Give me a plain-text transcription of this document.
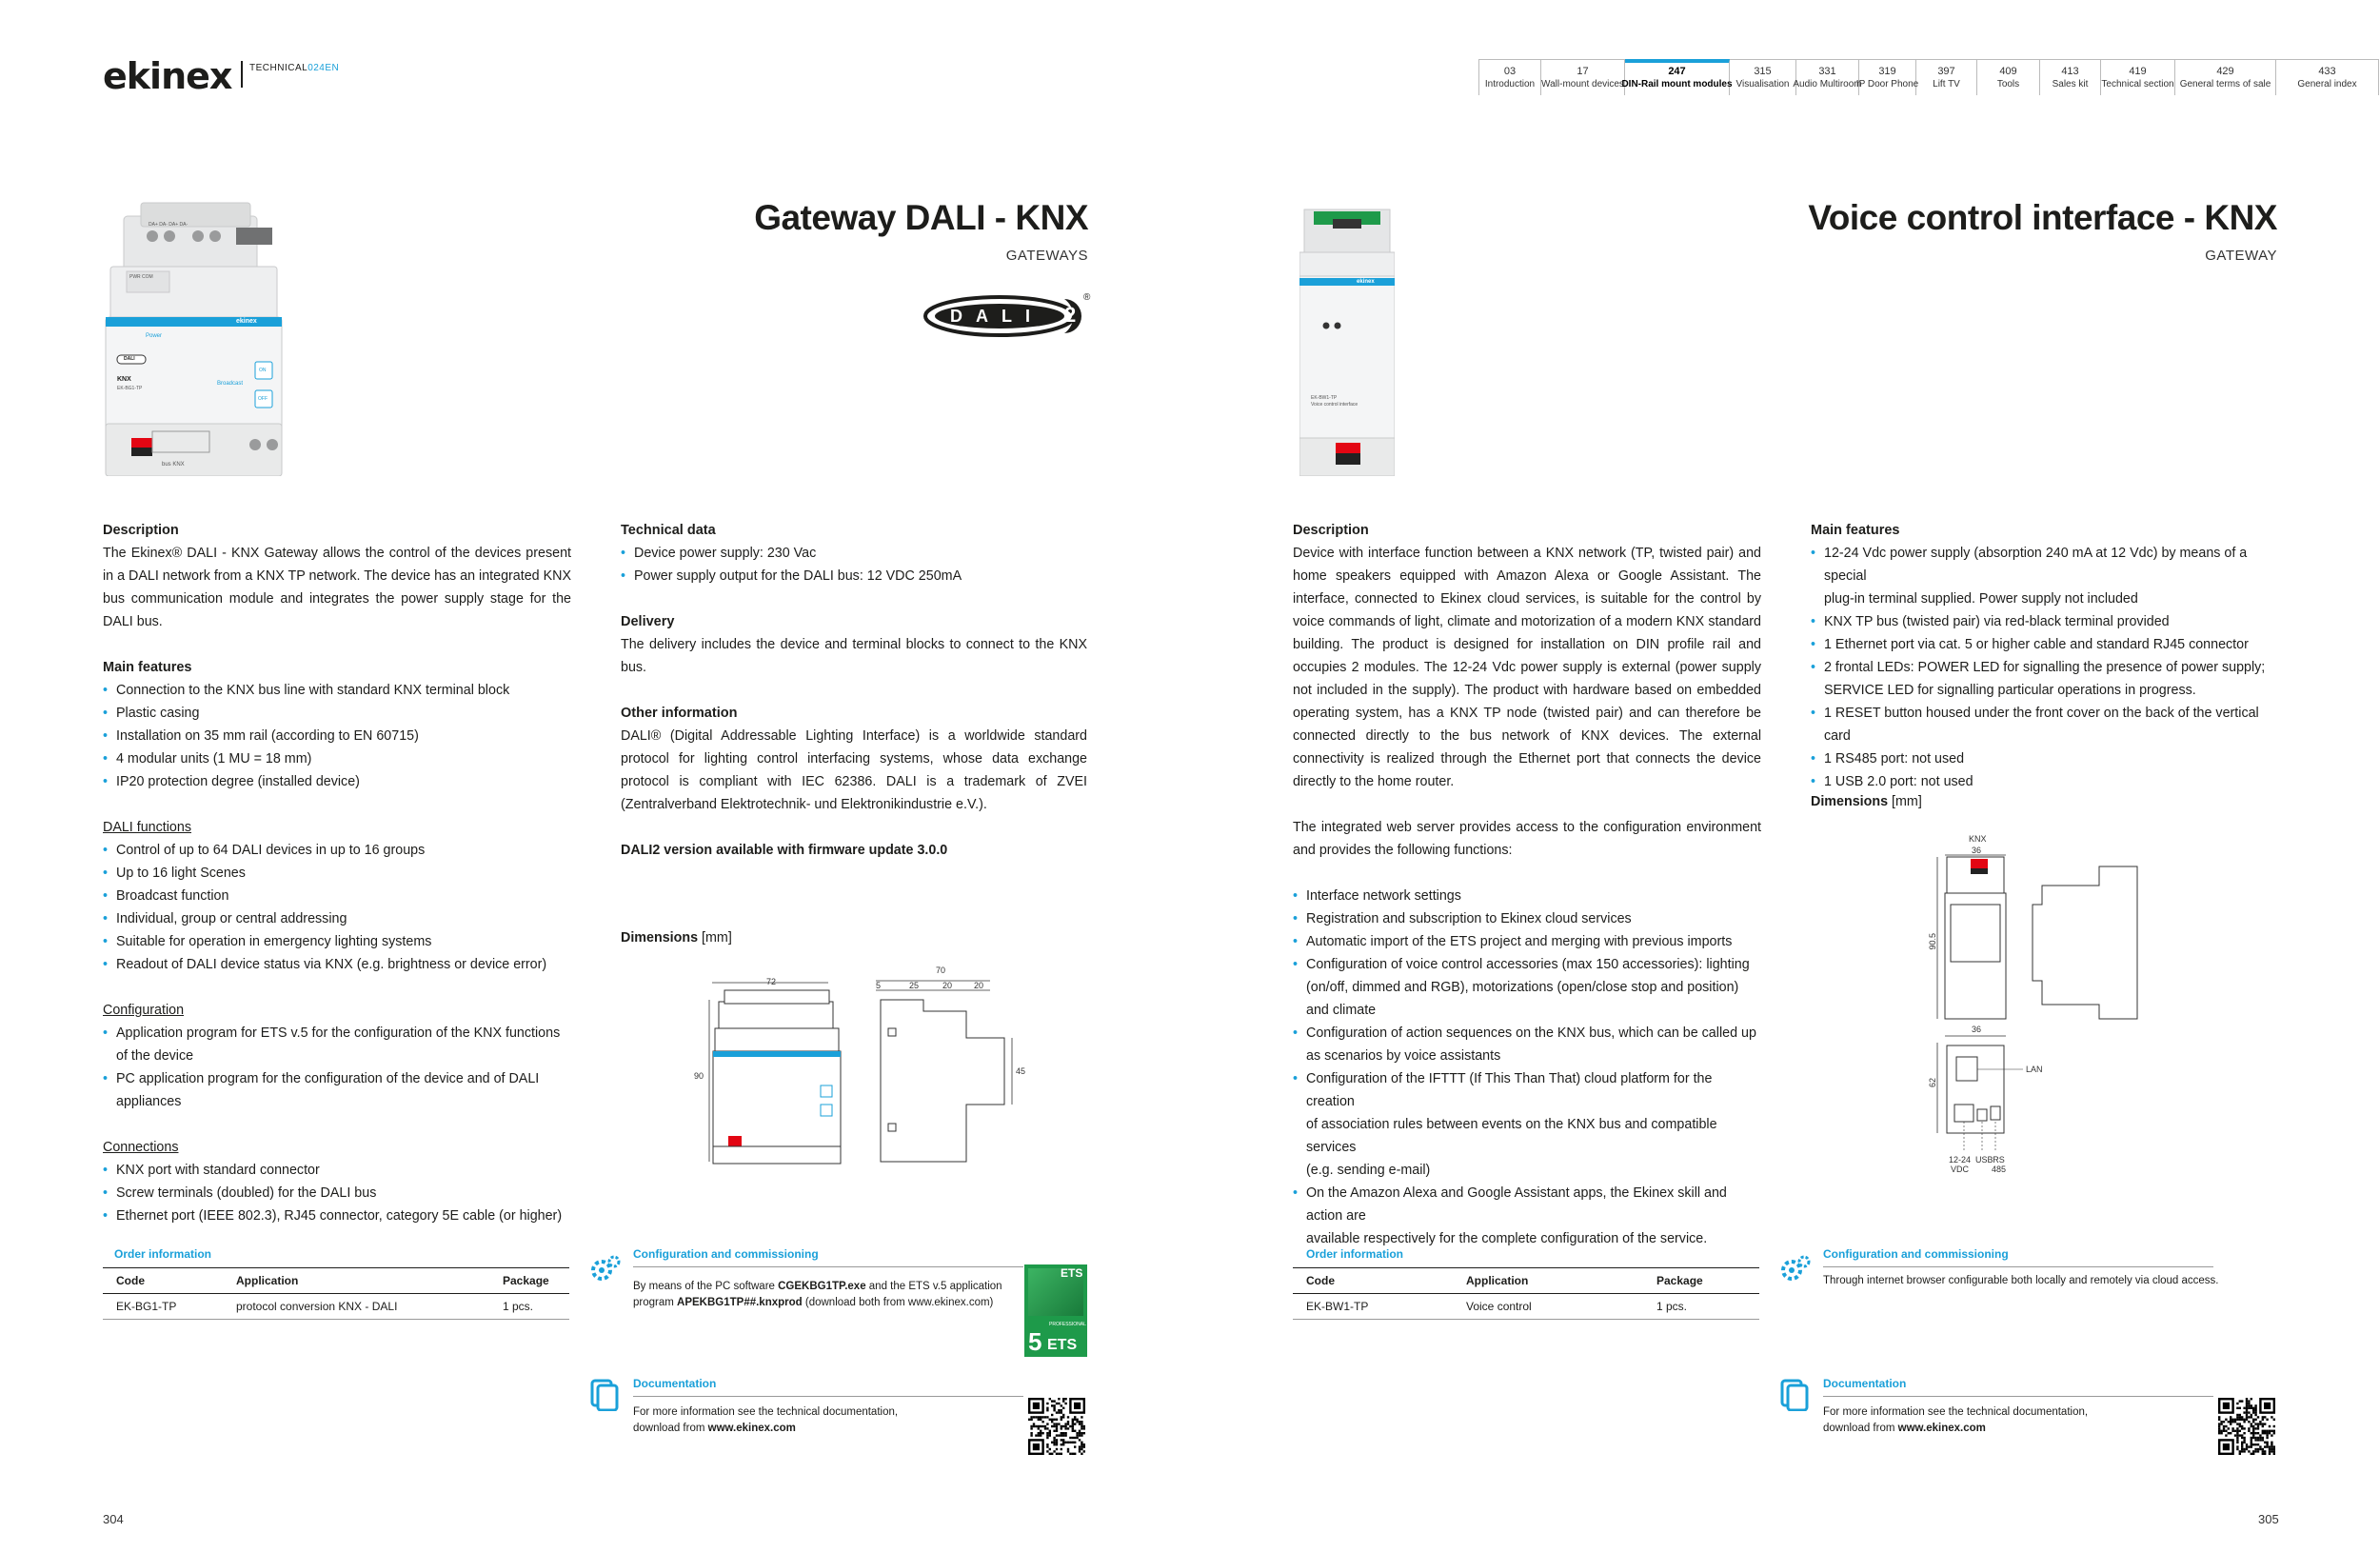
ekinex TECHNICAL024EN	03
Introduction
17
Wall-mount devices
247
DIN-Rail mount modules
315
Visualisation
331
Audio Multiroom
319
IP Door Phone
397
Lift TV
409
Tools
413
Sales kit
419
Technical section
429
General terms of sale
433
General index
Power
ekinex
DALI
KNX
EK-BG1-TP
Broadcast
ON
OFF
bus KNX
DA+ DA- DA+ DA-
PWR COM
Gateway DALI - KNX
GATEWAYS
®
DALI 2
Description

The Ekinex® DALI - KNX Gateway allows the control of the devices present in a DALI network from a KNX TP network. The device has an integrated KNX bus communication module and integrates the power supply stage for the DALI bus.

Main features
• Connection to the KNX bus line with standard KNX terminal block
• Plastic casing
• Installation on 35 mm rail (according to EN 60715)
• 4 modular units (1 MU = 18 mm)
• IP20 protection degree (installed device)
DALI functions
• Control of up to 64 DALI devices in up to 16 groups
• Up to 16 light Scenes
• Broadcast function
• Individual, group or central addressing
• Suitable for operation in emergency lighting systems
• Readout of DALI device status via KNX (e.g. brightness or device error)
Configuration
• Application program for ETS v.5 for the configuration of the KNX functions
of the device
• PC application program for the configuration of the device and of DALI appliances
Connections
• KNX port with standard connector
• Screw terminals (doubled) for the DALI bus
• Ethernet port (IEEE 802.3), RJ45 connector, category 5E cable (or higher)
Technical data
• Device power supply: 230 Vac
• Power supply output for the DALI bus: 12 VDC 250mA
Delivery

The delivery includes the device and terminal blocks to connect to the KNX bus.

Other information

DALI® (Digital Addressable Lighting Interface) is a worldwide standard protocol for lighting control interfacing systems, whose data exchange protocol is compliant with IEC 62386. DALI is a trademark of ZVEI (Zentralverband Elektrotechnik- und Elektronikindustrie e.V.).

DALI2 version available with firmware update 3.0.0
Dimensions [mm]
72
90
70
5	25	20	20
45
Order information
Code	Application	Package
EK-BG1-TP	protocol conversion KNX - DALI	1 pcs.
Configuration and commissioning
By means of the PC software CGEKBG1TP.exe and the ETS v.5 application program APEKBG1TP##.knxprod (download both from www.ekinex.com)
ETS
PROFESSIONAL
5 ETS
Documentation
For more information see the technical documentation,
download from www.ekinex.com
304
ekinex
EK-BW1-TP
Voice control interface
Voice control interface - KNX
GATEWAY
Description

Device with interface function between a KNX network (TP, twisted pair) and home speakers equipped with Amazon Alexa or Google Assistant. The interface, connected to Ekinex cloud services, is suitable for the control by voice commands of light, climate and motorization of a modern KNX standard building. The product is designed for installation on DIN profile rail and occupies 2 modules. The 12-24 Vdc power supply is external (power supply not included in the supply). The product with hardware based on embedded operating system, has a KNX TP node (twisted pair) and can therefore be connected directly to the bus network of KNX devices. The external connectivity is realized through the Ethernet port that connects the device directly to the home router.

The integrated web server provides access to the configuration environment and provides the following functions:

• Interface network settings
• Registration and subscription to Ekinex cloud services
• Automatic import of the ETS project and merging with previous imports
• Configuration of voice control accessories (max 150 accessories): lighting
(on/off, dimmed and RGB), motorizations (open/close stop and position)
and climate
• Configuration of action sequences on the KNX bus, which can be called up
as scenarios by voice assistants
• Configuration of the IFTTT (If This Than That) cloud platform for the creation
of association rules between events on the KNX bus and compatible services
(e.g. sending e-mail)
• On the Amazon Alexa and Google Assistant apps, the Ekinex skill and action are
available respectively for the complete configuration of the service.
Main features
• 12-24 Vdc power supply (absorption 240 mA at 12 Vdc) by means of a special
plug-in terminal supplied. Power supply not included
• KNX TP bus (twisted pair) via red-black terminal provided
• 1 Ethernet port via cat. 5 or higher cable and standard RJ45 connector
• 2 frontal LEDs: POWER LED for signalling the presence of power supply;
SERVICE LED for signalling particular operations in progress.
• 1 RESET button housed under the front cover on the back of the vertical card
• 1 RS485 port: not used
• 1 USB 2.0 port: not used
Dimensions [mm]
KNX
36
90.5
36
62
LAN
12-24
VDC
USB RS
485
Order information
Code	Application	Package
EK-BW1-TP	Voice control	1 pcs.
Configuration and commissioning
Through internet browser configurable both locally and remotely via cloud access.
Documentation
For more information see the technical documentation,
download from www.ekinex.com
305
